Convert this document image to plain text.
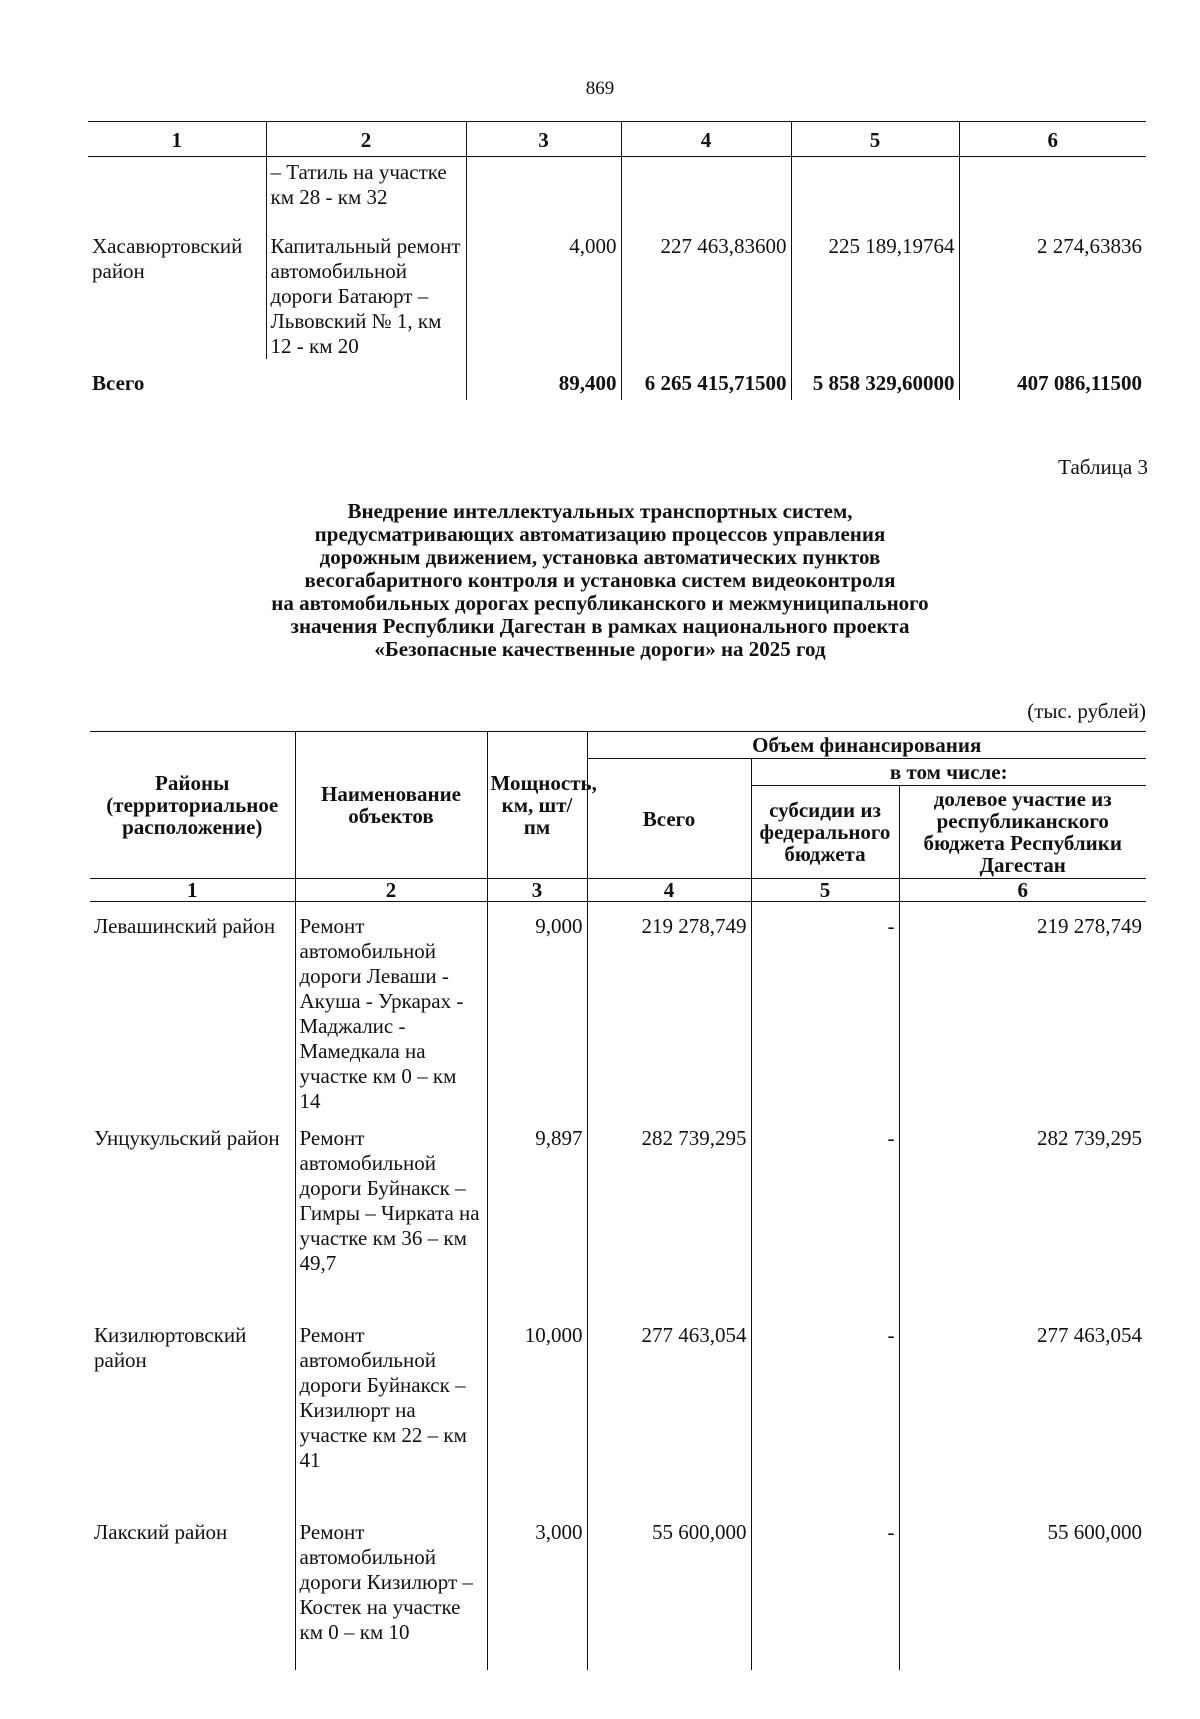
869
1	2	3	4	5	6
	– Татиль на участке км 28 - км 32				
Хасавюртовский район	Капитальный ремонт автомобильной дороги Батаюрт – Львовский № 1, км 12 - км 20	4,000	227 463,83600	225 189,19764	2 274,63836
Всего		89,400	6 265 415,71500	5 858 329,60000	407 086,11500
Таблица 3
Внедрение интеллектуальных транспортных систем,
предусматривающих автоматизацию процессов управления
дорожным движением, установка автоматических пунктов
весогабаритного контроля и установка систем видеоконтроля
на автомобильных дорогах республиканского и межмуниципального
значения Республики Дагестан в рамках национального проекта
«Безопасные качественные дороги» на 2025 год
(тыс. рублей)
Районы (территориальное расположение)	Наименование объектов	Мощность, км, шт/пм	Объем финансирования		
			Всего	в том числе:	
				субсидии из федерального бюджета	долевое участие из республиканского бюджета Республики Дагестан
1	2	3	4	5	6
Левашинский район	Ремонт автомобильной дороги Леваши - Акуша - Уркарах - Маджалис - Мамедкала на участке км 0 – км 14	9,000	219 278,749	-	219 278,749
Унцукульский район	Ремонт автомобильной дороги Буйнакск – Гимры – Чирката на участке км 36 – км 49,7	9,897	282 739,295	-	282 739,295
Кизилюртовский район	Ремонт автомобильной дороги Буйнакск – Кизилюрт на участке км 22 – км 41	10,000	277 463,054	-	277 463,054
Лакский район	Ремонт автомобильной дороги Кизилюрт – Костек на участке км 0 – км 10	3,000	55 600,000	-	55 600,000
